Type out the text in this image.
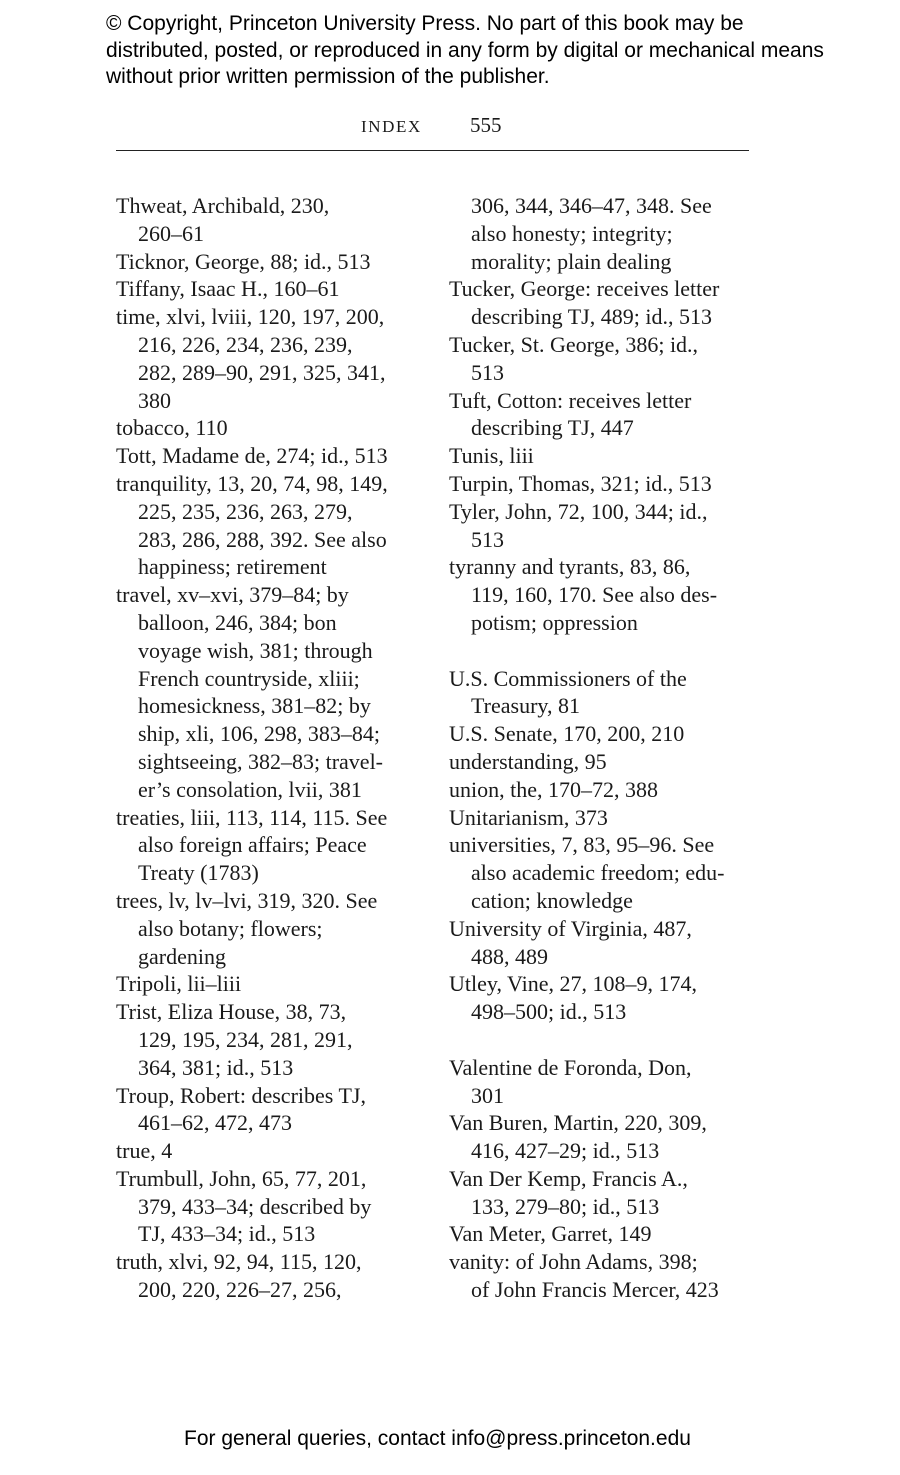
© Copyright, Princeton University Press. No part of this book may be distributed, posted, or reproduced in any form by digital or mechanical means without prior written permission of the publisher.
INDEX 555
Thweat, Archibald, 230,
260–61
Ticknor, George, 88; id., 513
Tiffany, Isaac H., 160–61
time, xlvi, lviii, 120, 197, 200,
216, 226, 234, 236, 239,
282, 289–90, 291, 325, 341,
380
tobacco, 110
Tott, Madame de, 274; id., 513
tranquility, 13, 20, 74, 98, 149,
225, 235, 236, 263, 279,
283, 286, 288, 392. See also
happiness; retirement
travel, xv–xvi, 379–84; by
balloon, 246, 384; bon
voyage wish, 381; through
French countryside, xliii;
homesickness, 381–82; by
ship, xli, 106, 298, 383–84;
sightseeing, 382–83; travel-
er’s consolation, lvii, 381
treaties, liii, 113, 114, 115. See
also foreign affairs; Peace
Treaty (1783)
trees, lv, lv–lvi, 319, 320. See
also botany; flowers;
gardening
Tripoli, lii–liii
Trist, Eliza House, 38, 73,
129, 195, 234, 281, 291,
364, 381; id., 513
Troup, Robert: describes TJ,
461–62, 472, 473
true, 4
Trumbull, John, 65, 77, 201,
379, 433–34; described by
TJ, 433–34; id., 513
truth, xlvi, 92, 94, 115, 120,
200, 220, 226–27, 256,
306, 344, 346–47, 348. See
also honesty; integrity;
morality; plain dealing
Tucker, George: receives letter
describing TJ, 489; id., 513
Tucker, St. George, 386; id.,
513
Tuft, Cotton: receives letter
describing TJ, 447
Tunis, liii
Turpin, Thomas, 321; id., 513
Tyler, John, 72, 100, 344; id.,
513
tyranny and tyrants, 83, 86,
119, 160, 170. See also des-
potism; oppression
U.S. Commissioners of the
Treasury, 81
U.S. Senate, 170, 200, 210
understanding, 95
union, the, 170–72, 388
Unitarianism, 373
universities, 7, 83, 95–96. See
also academic freedom; edu-
cation; knowledge
University of Virginia, 487,
488, 489
Utley, Vine, 27, 108–9, 174,
498–500; id., 513
Valentine de Foronda, Don,
301
Van Buren, Martin, 220, 309,
416, 427–29; id., 513
Van Der Kemp, Francis A.,
133, 279–80; id., 513
Van Meter, Garret, 149
vanity: of John Adams, 398;
of John Francis Mercer, 423
For general queries, contact info@press.princeton.edu
